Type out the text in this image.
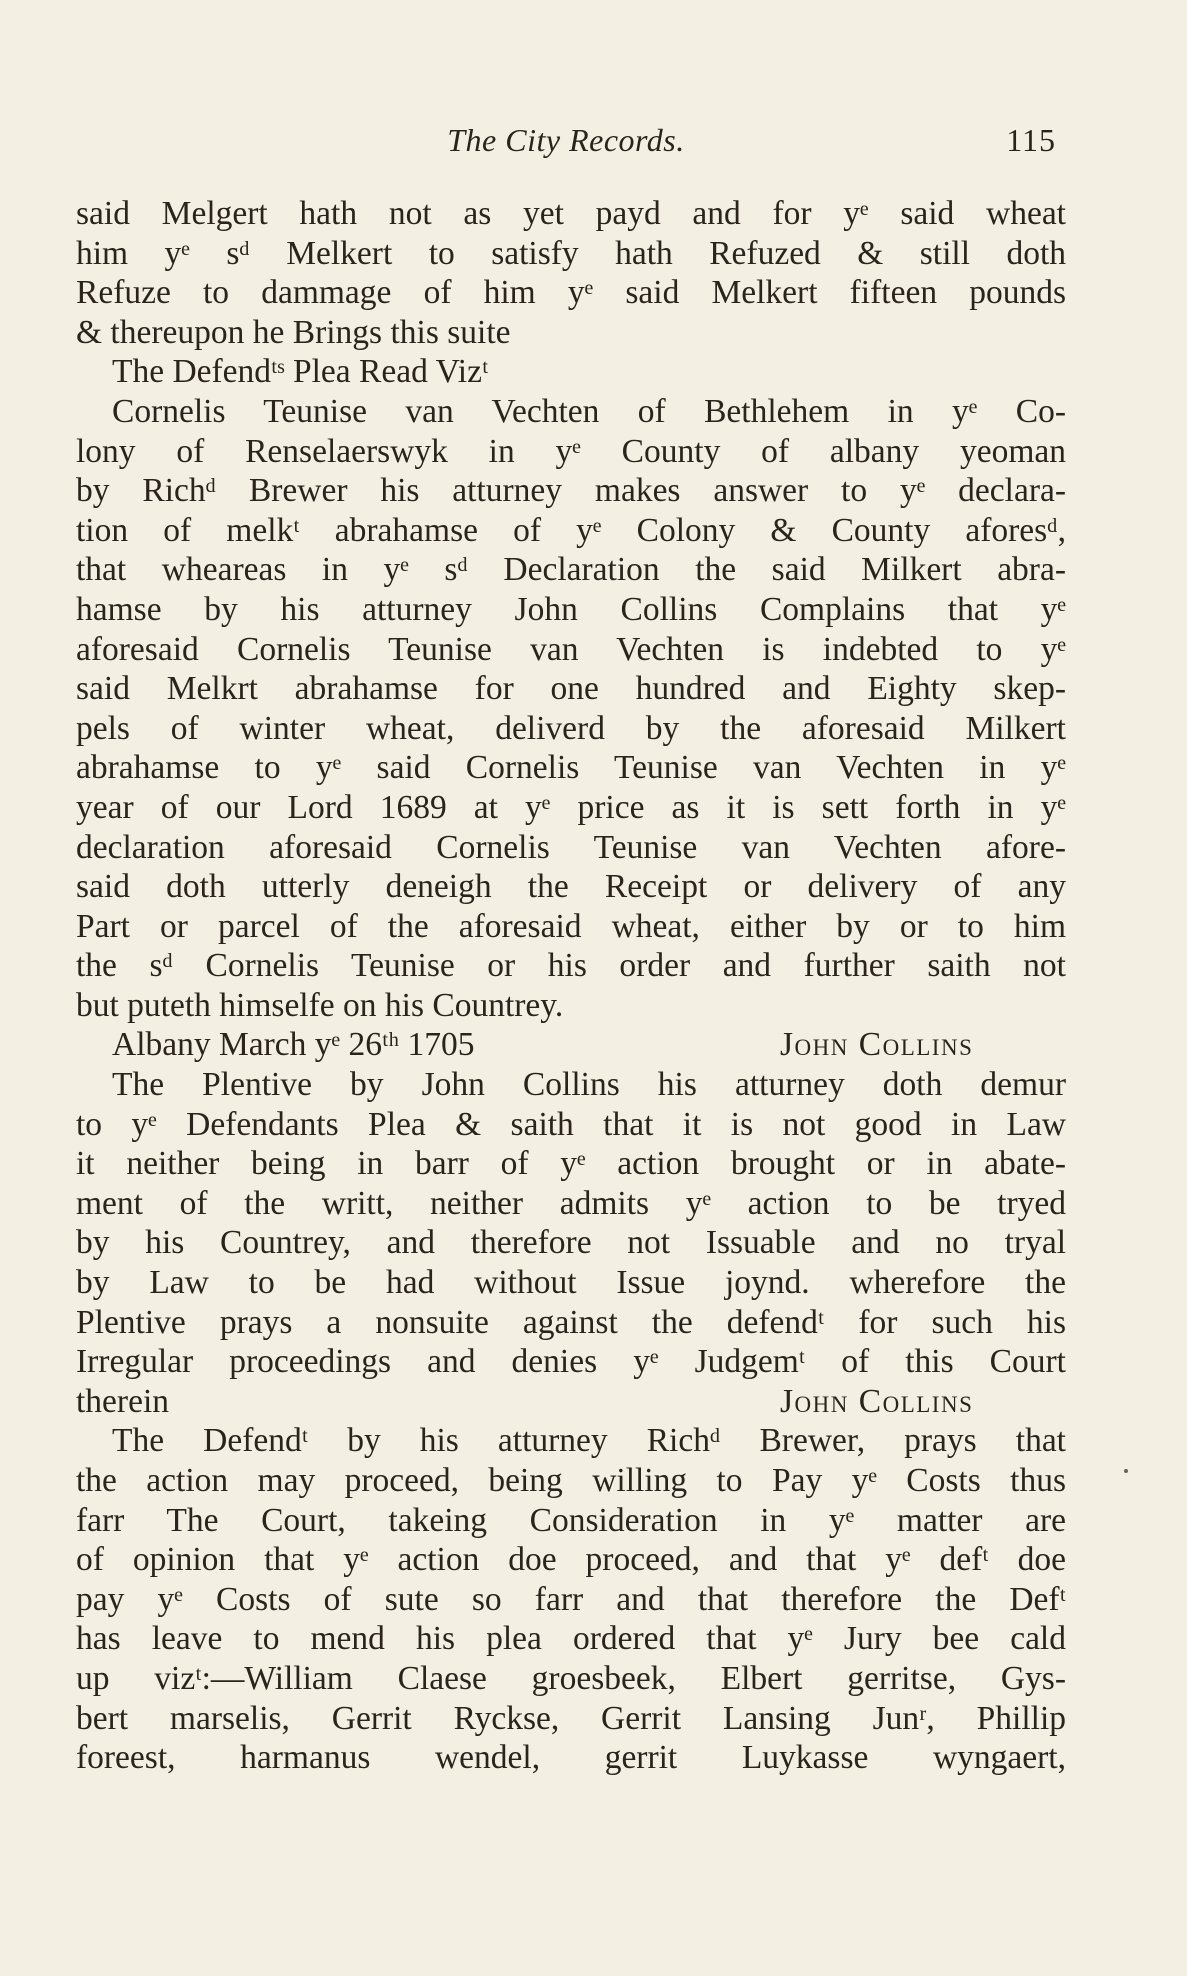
The City Records.	115
said Melgert hath not as yet payd and for yᵉ said wheat
him yᵉ sᵈ Melkert to satisfy hath Refuzed & still doth
Refuze to dammage of him yᵉ said Melkert fifteen pounds
& thereupon he Brings this suite
The Defendᵗˢ Plea Read Vizᵗ
Cornelis Teunise van Vechten of Bethlehem in yᵉ Co-
lony of Renselaerswyk in yᵉ County of albany yeoman
by Richᵈ Brewer his atturney makes answer to yᵉ declara-
tion of melkᵗ abrahamse of yᵉ Colony & County aforesᵈ,
that wheareas in yᵉ sᵈ Declaration the said Milkert abra-
hamse by his atturney John Collins Complains that yᵉ
aforesaid Cornelis Teunise van Vechten is indebted to yᵉ
said Melkrt abrahamse for one hundred and Eighty skep-
pels of winter wheat, deliverd by the aforesaid Milkert
abrahamse to yᵉ said Cornelis Teunise van Vechten in yᵉ
year of our Lord 1689 at yᵉ price as it is sett forth in yᵉ
declaration aforesaid Cornelis Teunise van Vechten afore-
said doth utterly deneigh the Receipt or delivery of any
Part or parcel of the aforesaid wheat, either by or to him
the sᵈ Cornelis Teunise or his order and further saith not
but puteth himselfe on his Countrey.
Albany March yᵉ 26ᵗʰ 1705	John Collins
The Plentive by John Collins his atturney doth demur
to yᵉ Defendants Plea & saith that it is not good in Law
it neither being in barr of yᵉ action brought or in abate-
ment of the writt, neither admits yᵉ action to be tryed
by his Countrey, and therefore not Issuable and no tryal
by Law to be had without Issue joynd. wherefore the
Plentive prays a nonsuite against the defendᵗ for such his
Irregular proceedings and denies yᵉ Judgemᵗ of this Court
therein	John Collins
The Defendᵗ by his atturney Richᵈ Brewer, prays that
the action may proceed, being willing to Pay yᵉ Costs thus
farr The Court, takeing Consideration in yᵉ matter are
of opinion that yᵉ action doe proceed, and that yᵉ defᵗ doe
pay yᵉ Costs of sute so farr and that therefore the Defᵗ
has leave to mend his plea ordered that yᵉ Jury bee cald
up vizᵗ:—William Claese groesbeek, Elbert gerritse, Gys-
bert marselis, Gerrit Ryckse, Gerrit Lansing Junʳ, Phillip
foreest, harmanus wendel, gerrit Luykasse wyngaert,
